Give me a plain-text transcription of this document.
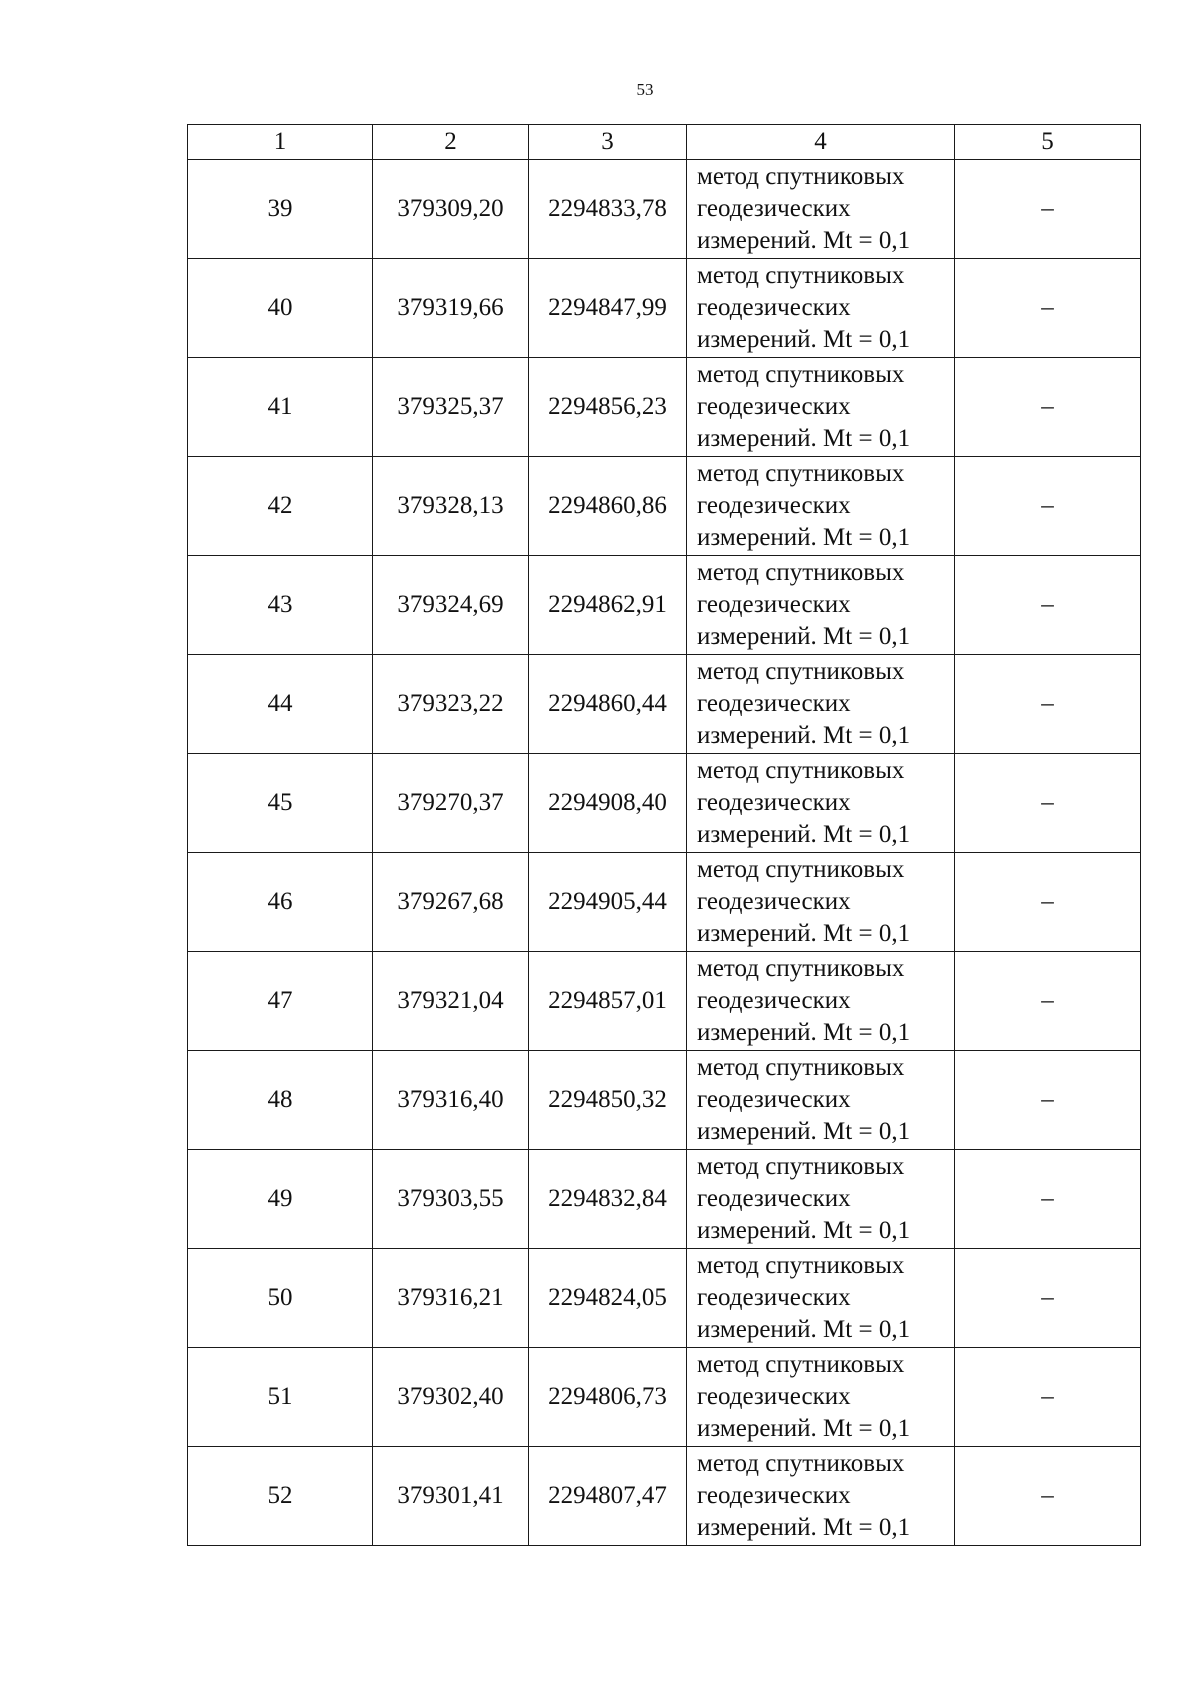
53
1	2	3	4	5
39	379309,20	2294833,78	метод спутниковых
геодезических
измерений. Mt = 0,1	–
40	379319,66	2294847,99	метод спутниковых
геодезических
измерений. Mt = 0,1	–
41	379325,37	2294856,23	метод спутниковых
геодезических
измерений. Mt = 0,1	–
42	379328,13	2294860,86	метод спутниковых
геодезических
измерений. Mt = 0,1	–
43	379324,69	2294862,91	метод спутниковых
геодезических
измерений. Mt = 0,1	–
44	379323,22	2294860,44	метод спутниковых
геодезических
измерений. Mt = 0,1	–
45	379270,37	2294908,40	метод спутниковых
геодезических
измерений. Mt = 0,1	–
46	379267,68	2294905,44	метод спутниковых
геодезических
измерений. Mt = 0,1	–
47	379321,04	2294857,01	метод спутниковых
геодезических
измерений. Mt = 0,1	–
48	379316,40	2294850,32	метод спутниковых
геодезических
измерений. Mt = 0,1	–
49	379303,55	2294832,84	метод спутниковых
геодезических
измерений. Mt = 0,1	–
50	379316,21	2294824,05	метод спутниковых
геодезических
измерений. Mt = 0,1	–
51	379302,40	2294806,73	метод спутниковых
геодезических
измерений. Mt = 0,1	–
52	379301,41	2294807,47	метод спутниковых
геодезических
измерений. Mt = 0,1	–
